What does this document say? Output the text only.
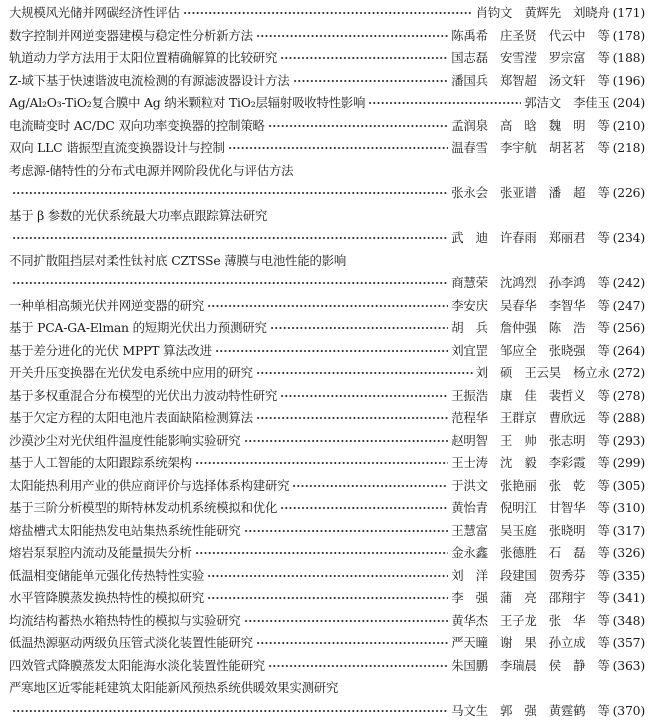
大规模风光储并网碳经济性评估	肖钧文　黄辉先　刘晓舟 (171)
数字控制并网逆变器建模与稳定性分析新方法	陈禹希　庄圣贤　代云中　等 (178)
轨道动力学方法用于太阳位置精确解算的比较研究	国志磊　安雪滢　罗宗富　等 (188)
Z-域下基于快速谐波电流检测的有源滤波器设计方法	潘国兵　郑智超　汤文轩　等 (196)
Ag/Al₂O₃-TiO₂复合膜中 Ag 纳米颗粒对 TiO₂层辐射吸收特性影响	郭洁文　李佳玉 (204)
电流畸变时 AC/DC 双向功率变换器的控制策略	孟润泉　高　晗　魏　明　等 (210)
双向 LLC 谐振型直流变换器设计与控制	温春雪　李宇航　胡茗茗　等 (218)
考虑源-储特性的分布式电源并网阶段优化与评估方法
张永会　张亚谱　潘　超　等 (226)
基于 β 参数的光伏系统最大功率点跟踪算法研究
武　迪　许春雨　郑丽君　等 (234)
不同扩散阻挡层对柔性钛衬底 CZTSSe 薄膜与电池性能的影响
商慧荣　沈鸿烈　孙李鸿　等 (242)
一种单相高频光伏并网逆变器的研究	李安庆　吴春华　李智华　等 (247)
基于 PCA-GA-Elman 的短期光伏出力预测研究	胡　兵　詹仲强　陈　浩　等 (256)
基于差分进化的光伏 MPPT 算法改进	刘宜罡　邹应全　张晓强　等 (264)
开关升压变换器在光伏发电系统中应用的研究	刘　硕　王云昊　杨立永 (272)
基于多权重混合分布模型的光伏出力波动特性研究	王振浩　康　佳　裴哲义　等 (278)
基于欠定方程的太阳电池片表面缺陷检测算法	范程华　王群京　曹欣远　等 (288)
沙漠沙尘对光伏组件温度性能影响实验研究	赵明智　王　帅　张志明　等 (293)
基于人工智能的太阳跟踪系统架构	王士涛　沈　毅　李彩霞　等 (299)
太阳能热利用产业的供应商评价与选择体系构建研究	于洪文　张艳丽　张　乾　等 (305)
基于三阶分析模型的斯特林发动机系统模拟和优化	黄怡青　倪明江　甘智华　等 (310)
熔盐槽式太阳能热发电站集热系统性能研究	王慧富　吴玉庭　张晓明　等 (317)
熔岩泵泵腔内流动及能量损失分析	金永鑫　张德胜　石　磊　等 (326)
低温相变储能单元强化传热特性实验	刘　洋　段建国　贺秀芬　等 (335)
水平管降膜蒸发换热特性的模拟研究	李　强　蒲　亮　邵翔宇　等 (341)
均流结构蓄热水箱热特性的模拟与实验研究	黄华杰　王子龙　张　华　等 (348)
低温热源驱动两级负压管式淡化装置性能研究	严天曈　谢　果　孙立成　等 (357)
四效管式降膜蒸发太阳能海水淡化装置性能研究	朱国鹏　李瑞晨　侯　静　等 (363)
严寒地区近零能耗建筑太阳能新风预热系统供暖效果实测研究
马文生　郭　强　黄霆鹤　等 (370)
